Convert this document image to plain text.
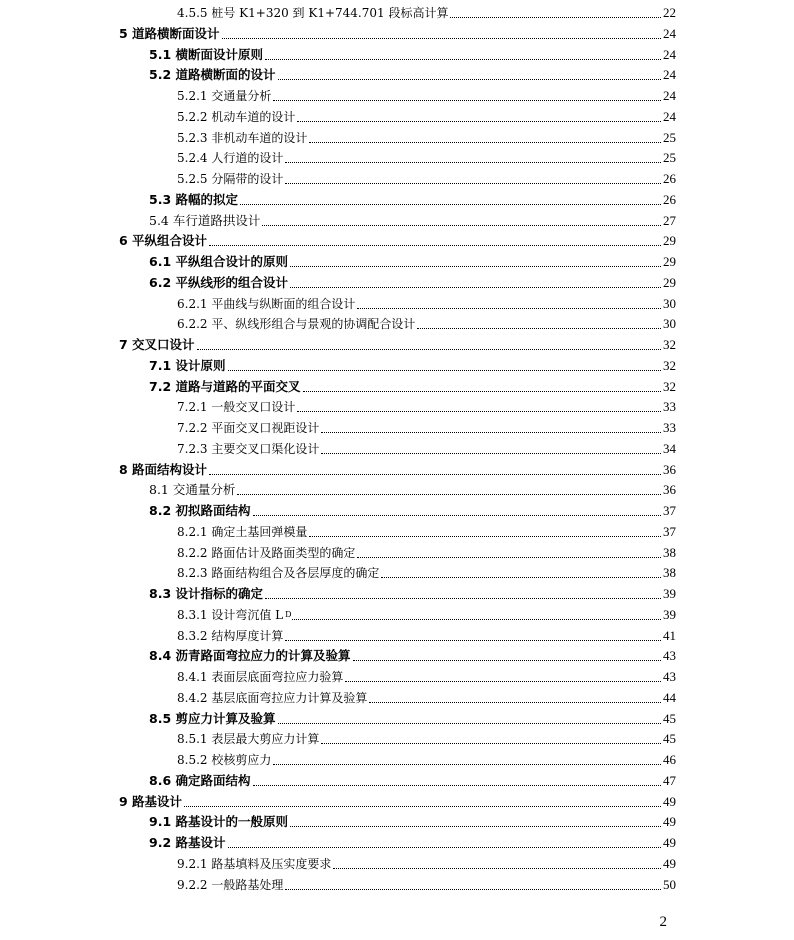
4.5.5 桩号 K1+320 到 K1+744.701 段标高计算	22
5 道路横断面设计	24
5.1 横断面设计原则	24
5.2 道路横断面的设计	24
5.2.1 交通量分析	24
5.2.2 机动车道的设计	24
5.2.3 非机动车道的设计	25
5.2.4 人行道的设计	25
5.2.5 分隔带的设计	26
5.3 路幅的拟定	26
5.4 车行道路拱设计	27
6 平纵组合设计	29
6.1 平纵组合设计的原则	29
6.2 平纵线形的组合设计	29
6.2.1 平曲线与纵断面的组合设计	30
6.2.2 平、纵线形组合与景观的协调配合设计	30
7 交叉口设计	32
7.1 设计原则	32
7.2 道路与道路的平面交叉	32
7.2.1 一般交叉口设计	33
7.2.2 平面交叉口视距设计	33
7.2.3 主要交叉口渠化设计	34
8 路面结构设计	36
8.1 交通量分析	36
8.2 初拟路面结构	37
8.2.1 确定土基回弹模量	37
8.2.2 路面估计及路面类型的确定	38
8.2.3 路面结构组合及各层厚度的确定	38
8.3 设计指标的确定	39
8.3.1 设计弯沉值 L D	39
8.3.2 结构厚度计算	41
8.4 沥青路面弯拉应力的计算及验算	43
8.4.1 表面层底面弯拉应力验算	43
8.4.2 基层底面弯拉应力计算及验算	44
8.5 剪应力计算及验算	45
8.5.1 表层最大剪应力计算	45
8.5.2 校核剪应力	46
8.6 确定路面结构	47
9 路基设计	49
9.1 路基设计的一般原则	49
9.2 路基设计	49
9.2.1 路基填料及压实度要求	49
9.2.2 一般路基处理	50
2
